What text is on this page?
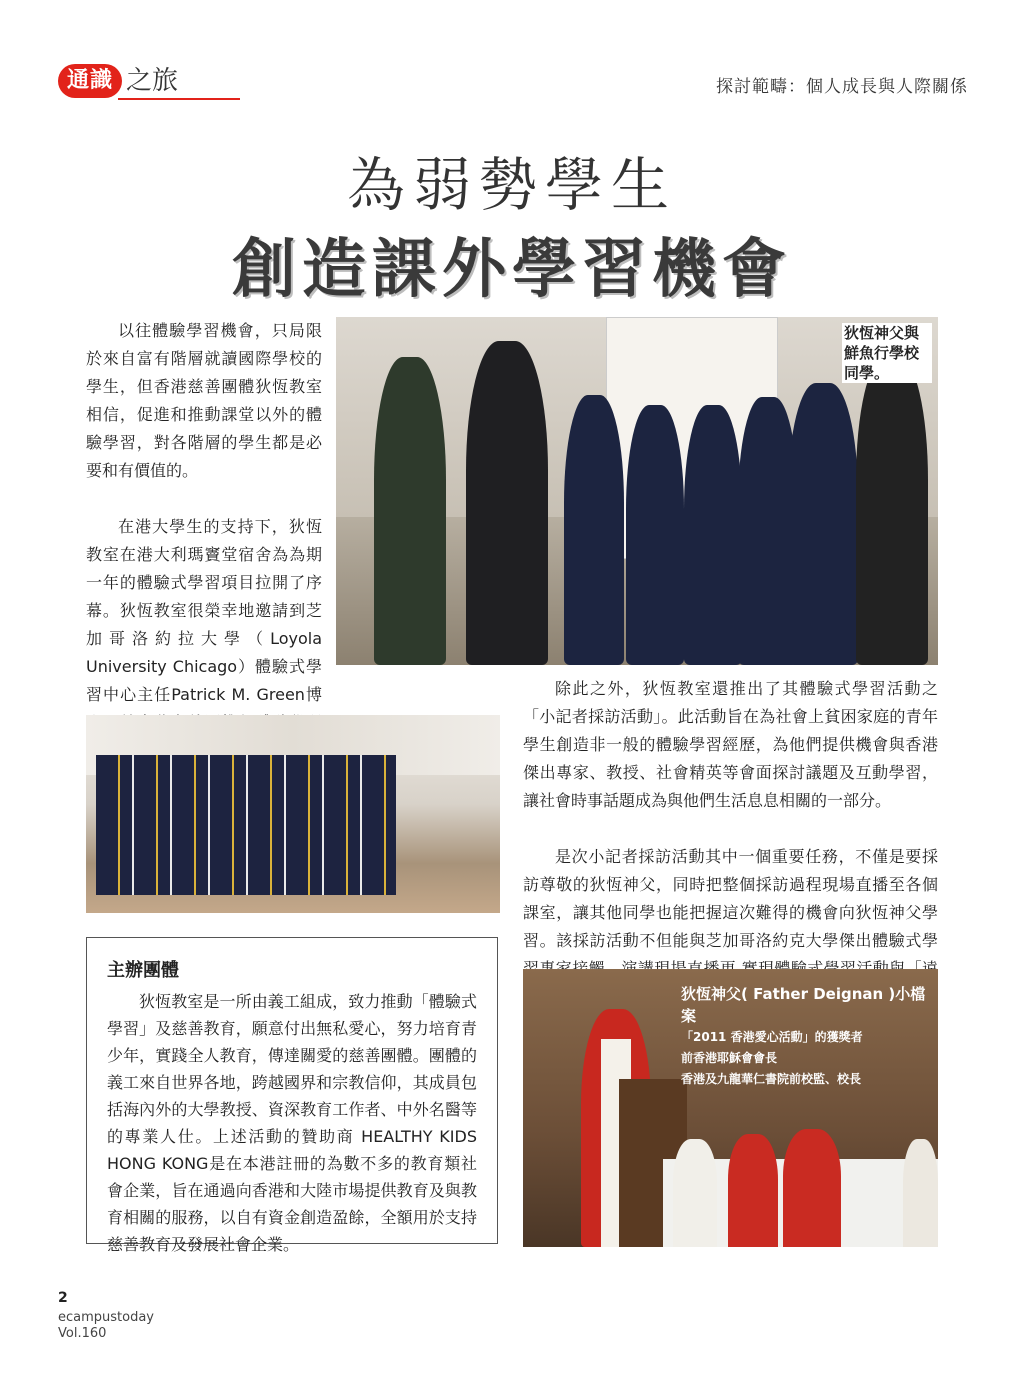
通識 之旅	探討範疇：個人成長與人際關係
為弱勢學生
創造課外學習機會

以往體驗學習機會，只局限於來自富有階層就讀國際學校的學生，但香港慈善團體狄恆教室相信，促進和推動課堂以外的體驗學習，對各階層的學生都是必要和有價值的。

在港大學生的支持下，狄恆教室在港大利瑪竇堂宿舍為為期一年的體驗式學習項目拉開了序幕。狄恆教室很榮幸地邀請到芝加哥洛約拉大學（Loyola University Chicago）體驗式學習中心主任Patrick M. Green博

狄恆神父與鮮魚行學校同學。

除此之外，狄恆教室還推出了其體驗式學習活動之「小記者採訪活動」。此活動旨在為社會上貧困家庭的青年學生創造非一般的體驗學習經歷，為他們提供機會與香港傑出專家、教授、社會精英等會面探討議題及互動學習，讓社會時事話題成為與他們生活息息相關的一部分。

是次小記者採訪活動其中一個重要任務，不僅是要採訪尊敬的狄恆神父，同時把整個採訪過程現場直播至各個課室，讓其他同學也能把握這次難得的機會向狄恆神父學習。該採訪活動不但能與芝加哥洛約克大學傑出體驗式學

主辦團體

狄恆教室是一所由義工組成，致力推動「體驗式學習」及慈善教育，願意付出無私愛心，努力培育青少年，實踐全人教育，傳達關愛的慈善團體。團體的義工來自世界各地，跨越國界和宗教信仰，其成員包括海內外的大學教授、資深教育工作者、中外名醫等的專業人仕。上述活動的贊助商 HEALTHY KIDS HONG KONG是在本港註冊的為數不多的教育類社會企業，旨在通過向香港和大陸市場提供教育及與教育相關的服務，以自有資金創造盈餘，全額用於支持慈善教育及發展社會企業。

狄恆神父( Father Deignan )小檔案
「2011 香港愛心活動」的獲獎者
前香港耶穌會會長
香港及九龍華仁書院前校監、校長
2
ecampustoday
Vol.160
